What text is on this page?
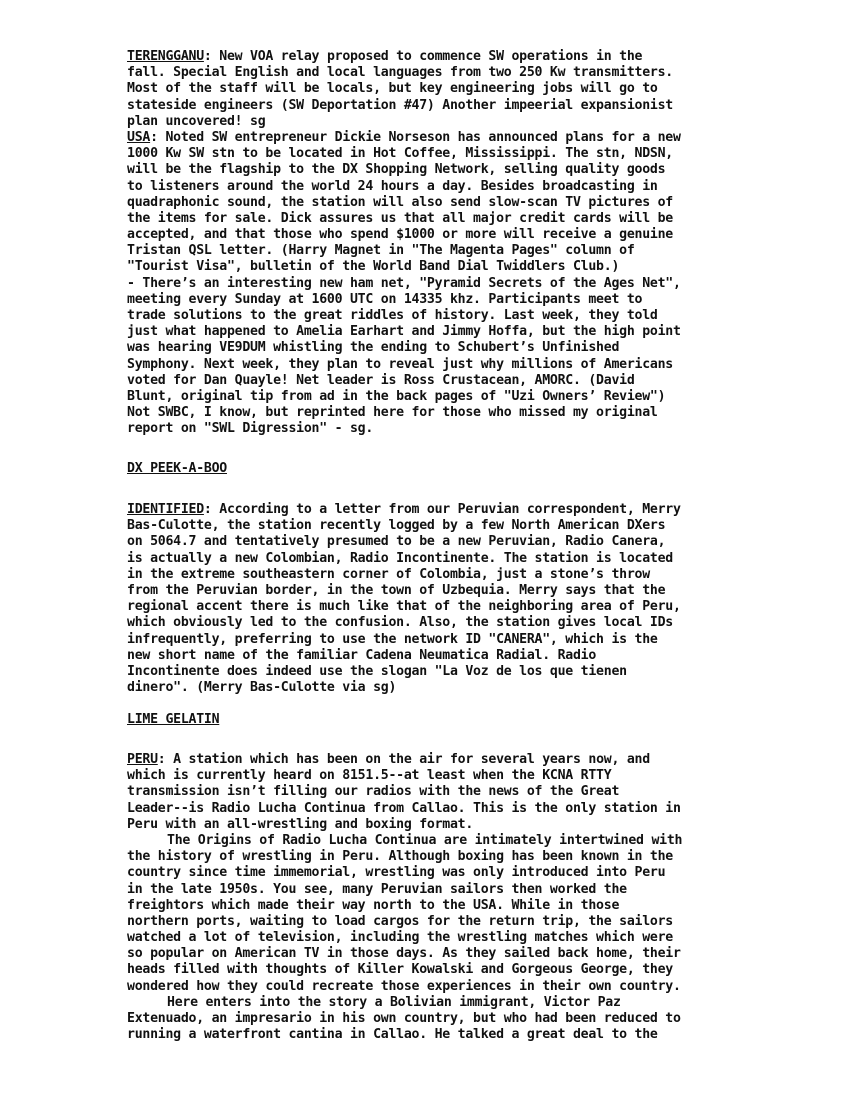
TERENGGANU: New VOA relay proposed to commence SW operations in the
fall. Special English and local languages from two 250 Kw transmitters.
Most of the staff will be locals, but key engineering jobs will go to
stateside engineers (SW Deportation #47) Another impeerial expansionist
plan uncovered! sg
USA: Noted SW entrepreneur Dickie Norseson has announced plans for a new
1000 Kw SW stn to be located in Hot Coffee, Mississippi. The stn, NDSN,
will be the flagship to the DX Shopping Network, selling quality goods
to listeners around the world 24 hours a day. Besides broadcasting in
quadraphonic sound, the station will also send slow-scan TV pictures of
the items for sale. Dick assures us that all major credit cards will be
accepted, and that those who spend $1000 or more will receive a genuine
Tristan QSL letter. (Harry Magnet in "The Magenta Pages" column of
"Tourist Visa", bulletin of the World Band Dial Twiddlers Club.)
- There’s an interesting new ham net, "Pyramid Secrets of the Ages Net",
meeting every Sunday at 1600 UTC on 14335 khz. Participants meet to
trade solutions to the great riddles of history. Last week, they told
just what happened to Amelia Earhart and Jimmy Hoffa, but the high point
was hearing VE9DUM whistling the ending to Schubert’s Unfinished
Symphony. Next week, they plan to reveal just why millions of Americans
voted for Dan Quayle! Net leader is Ross Crustacean, AMORC. (David
Blunt, original tip from ad in the back pages of "Uzi Owners’ Review")
Not SWBC, I know, but reprinted here for those who missed my original
report on "SWL Digression" - sg.
DX PEEK-A-BOO
IDENTIFIED: According to a letter from our Peruvian correspondent, Merry
Bas-Culotte, the station recently logged by a few North American DXers
on 5064.7 and tentatively presumed to be a new Peruvian, Radio Canera,
is actually a new Colombian, Radio Incontinente. The station is located
in the extreme southeastern corner of Colombia, just a stone’s throw
from the Peruvian border, in the town of Uzbequia. Merry says that the
regional accent there is much like that of the neighboring area of Peru,
which obviously led to the confusion. Also, the station gives local IDs
infrequently, preferring to use the network ID "CANERA", which is the
new short name of the familiar Cadena Neumatica Radial. Radio
Incontinente does indeed use the slogan "La Voz de los que tienen
dinero". (Merry Bas-Culotte via sg)
LIME GELATIN
PERU: A station which has been on the air for several years now, and
which is currently heard on 8151.5--at least when the KCNA RTTY
transmission isn’t filling our radios with the news of the Great
Leader--is Radio Lucha Continua from Callao. This is the only station in
Peru with an all-wrestling and boxing format.
The Origins of Radio Lucha Continua are intimately intertwined with
the history of wrestling in Peru. Although boxing has been known in the
country since time immemorial, wrestling was only introduced into Peru
in the late 1950s. You see, many Peruvian sailors then worked the
freightors which made their way north to the USA. While in those
northern ports, waiting to load cargos for the return trip, the sailors
watched a lot of television, including the wrestling matches which were
so popular on American TV in those days. As they sailed back home, their
heads filled with thoughts of Killer Kowalski and Gorgeous George, they
wondered how they could recreate those experiences in their own country.
Here enters into the story a Bolivian immigrant, Victor Paz
Extenuado, an impresario in his own country, but who had been reduced to
running a waterfront cantina in Callao. He talked a great deal to the
